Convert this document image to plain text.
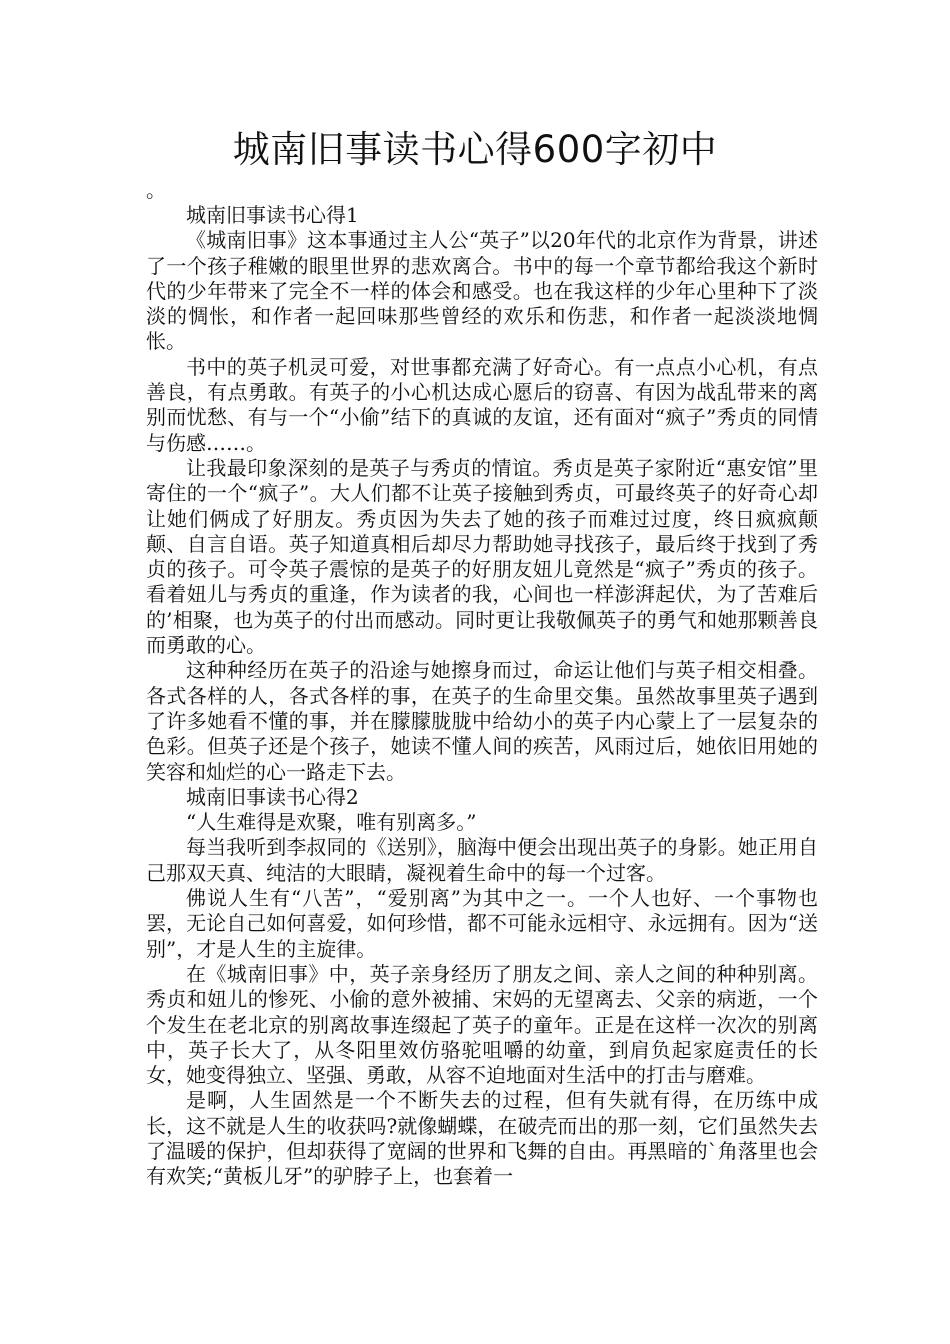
城南旧事读书心得600字初中

。

城南旧事读书心得1

《城南旧事》这本事通过主人公“英子”以20年代的北京作为背景，讲述了一个孩子稚嫩的眼里世界的悲欢离合。书中的每一个章节都给我这个新时代的少年带来了完全不一样的体会和感受。也在我这样的少年心里种下了淡淡的惆怅，和作者一起回味那些曾经的欢乐和伤悲，和作者一起淡淡地惆怅。

书中的英子机灵可爱，对世事都充满了好奇心。有一点点小心机，有点善良，有点勇敢。有英子的小心机达成心愿后的窃喜、有因为战乱带来的离别而忧愁、有与一个“小偷”结下的真诚的友谊，还有面对“疯子”秀贞的同情与伤感……。

让我最印象深刻的是英子与秀贞的情谊。秀贞是英子家附近“惠安馆”里寄住的一个“疯子”。大人们都不让英子接触到秀贞，可最终英子的好奇心却让她们俩成了好朋友。秀贞因为失去了她的孩子而难过过度，终日疯疯颠颠、自言自语。英子知道真相后却尽力帮助她寻找孩子，最后终于找到了秀贞的孩子。可令英子震惊的是英子的好朋友妞儿竟然是“疯子”秀贞的孩子。看着妞儿与秀贞的重逢，作为读者的我，心间也一样澎湃起伏，为了苦难后的’相聚，也为英子的付出而感动。同时更让我敬佩英子的勇气和她那颗善良而勇敢的心。

这种种经历在英子的沿途与她擦身而过，命运让他们与英子相交相叠。各式各样的人，各式各样的事，在英子的生命里交集。虽然故事里英子遇到了许多她看不懂的事，并在朦朦胧胧中给幼小的英子内心蒙上了一层复杂的色彩。但英子还是个孩子，她读不懂人间的疾苦，风雨过后，她依旧用她的笑容和灿烂的心一路走下去。

城南旧事读书心得2

“人生难得是欢聚，唯有别离多。”

每当我听到李叔同的《送别》，脑海中便会出现出英子的身影。她正用自己那双天真、纯洁的大眼睛，凝视着生命中的每一个过客。

佛说人生有“八苦”，“爱别离”为其中之一。一个人也好、一个事物也罢，无论自己如何喜爱，如何珍惜，都不可能永远相守、永远拥有。因为“送别”，才是人生的主旋律。

在《城南旧事》中，英子亲身经历了朋友之间、亲人之间的种种别离。秀贞和妞儿的惨死、小偷的意外被捕、宋妈的无望离去、父亲的病逝，一个个发生在老北京的别离故事连缀起了英子的童年。正是在这样一次次的别离中，英子长大了，从冬阳里效仿骆驼咀嚼的幼童，到肩负起家庭责任的长女，她变得独立、坚强、勇敢，从容不迫地面对生活中的打击与磨难。

是啊，人生固然是一个不断失去的过程，但有失就有得，在历练中成长，这不就是人生的收获吗?就像蝴蝶，在破壳而出的那一刻，它们虽然失去了温暖的保护，但却获得了宽阔的世界和飞舞的自由。再黑暗的`角落里也会有欢笑;“黄板儿牙”的驴脖子上，也套着一
